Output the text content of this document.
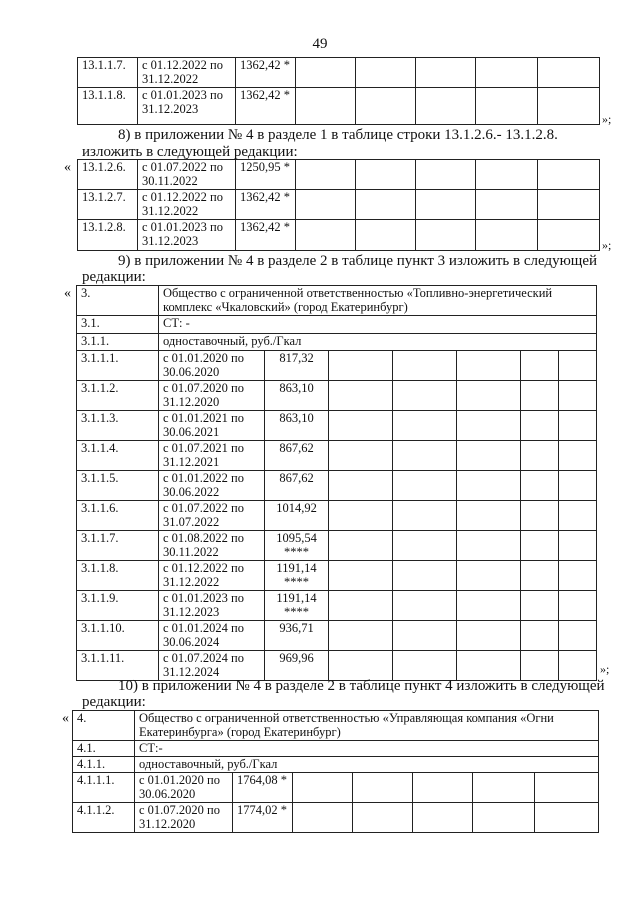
49
13.1.1.7.	с 01.12.2022 по
31.12.2022	1362,42 *					
13.1.1.8.	с 01.01.2023 по
31.12.2023	1362,42 *					
»;
8) в приложении № 4 в разделе 1 в таблице строки 13.1.2.6.- 13.1.2.8.
изложить в следующей редакции:
« 13.1.2.6.	с 01.07.2022 по
30.11.2022	1250,95 *					
13.1.2.7.	с 01.12.2022 по
31.12.2022	1362,42 *					
13.1.2.8.	с 01.01.2023 по
31.12.2023	1362,42 *					
»;
9) в приложении № 4 в разделе 2 в таблице пункт 3 изложить в следующей
редакции:
« 3.	Общество с ограниченной ответственностью «Топливно-энергетический комплекс «Чкаловский» (город Екатеринбург)						
3.1.	СТ: -						
3.1.1.	одноставочный, руб./Гкал						
3.1.1.1.	с 01.01.2020 по
30.06.2020	817,32

3.1.1.2.	с 01.07.2020 по
31.12.2020	863,10

3.1.1.3.	с 01.01.2021 по
30.06.2021	863,10

3.1.1.4.	с 01.07.2021 по
31.12.2021	867,62

3.1.1.5.	с 01.01.2022 по
30.06.2022	867,62

3.1.1.6.	с 01.07.2022 по
31.07.2022	1014,92

3.1.1.7.	с 01.08.2022 по
30.11.2022	1095,54
****					
3.1.1.8.	с 01.12.2022 по
31.12.2022	1191,14
****					
3.1.1.9.	с 01.01.2023 по
31.12.2023	1191,14
****					
3.1.1.10.	с 01.01.2024 по
30.06.2024	936,71

3.1.1.11.	с 01.07.2024 по
31.12.2024	969,96

»;
10) в приложении № 4 в разделе 2 в таблице пункт 4 изложить в следующей
редакции:
« 4.	Общество с ограниченной ответственностью «Управляющая компания «Огни Екатеринбурга» (город Екатеринбург)						
4.1.	СТ:-						
4.1.1.	одноставочный, руб./Гкал						
4.1.1.1.	с 01.01.2020 по
30.06.2020	1764,08 *					
4.1.1.2.	с 01.07.2020 по
31.12.2020	1774,02 *					
